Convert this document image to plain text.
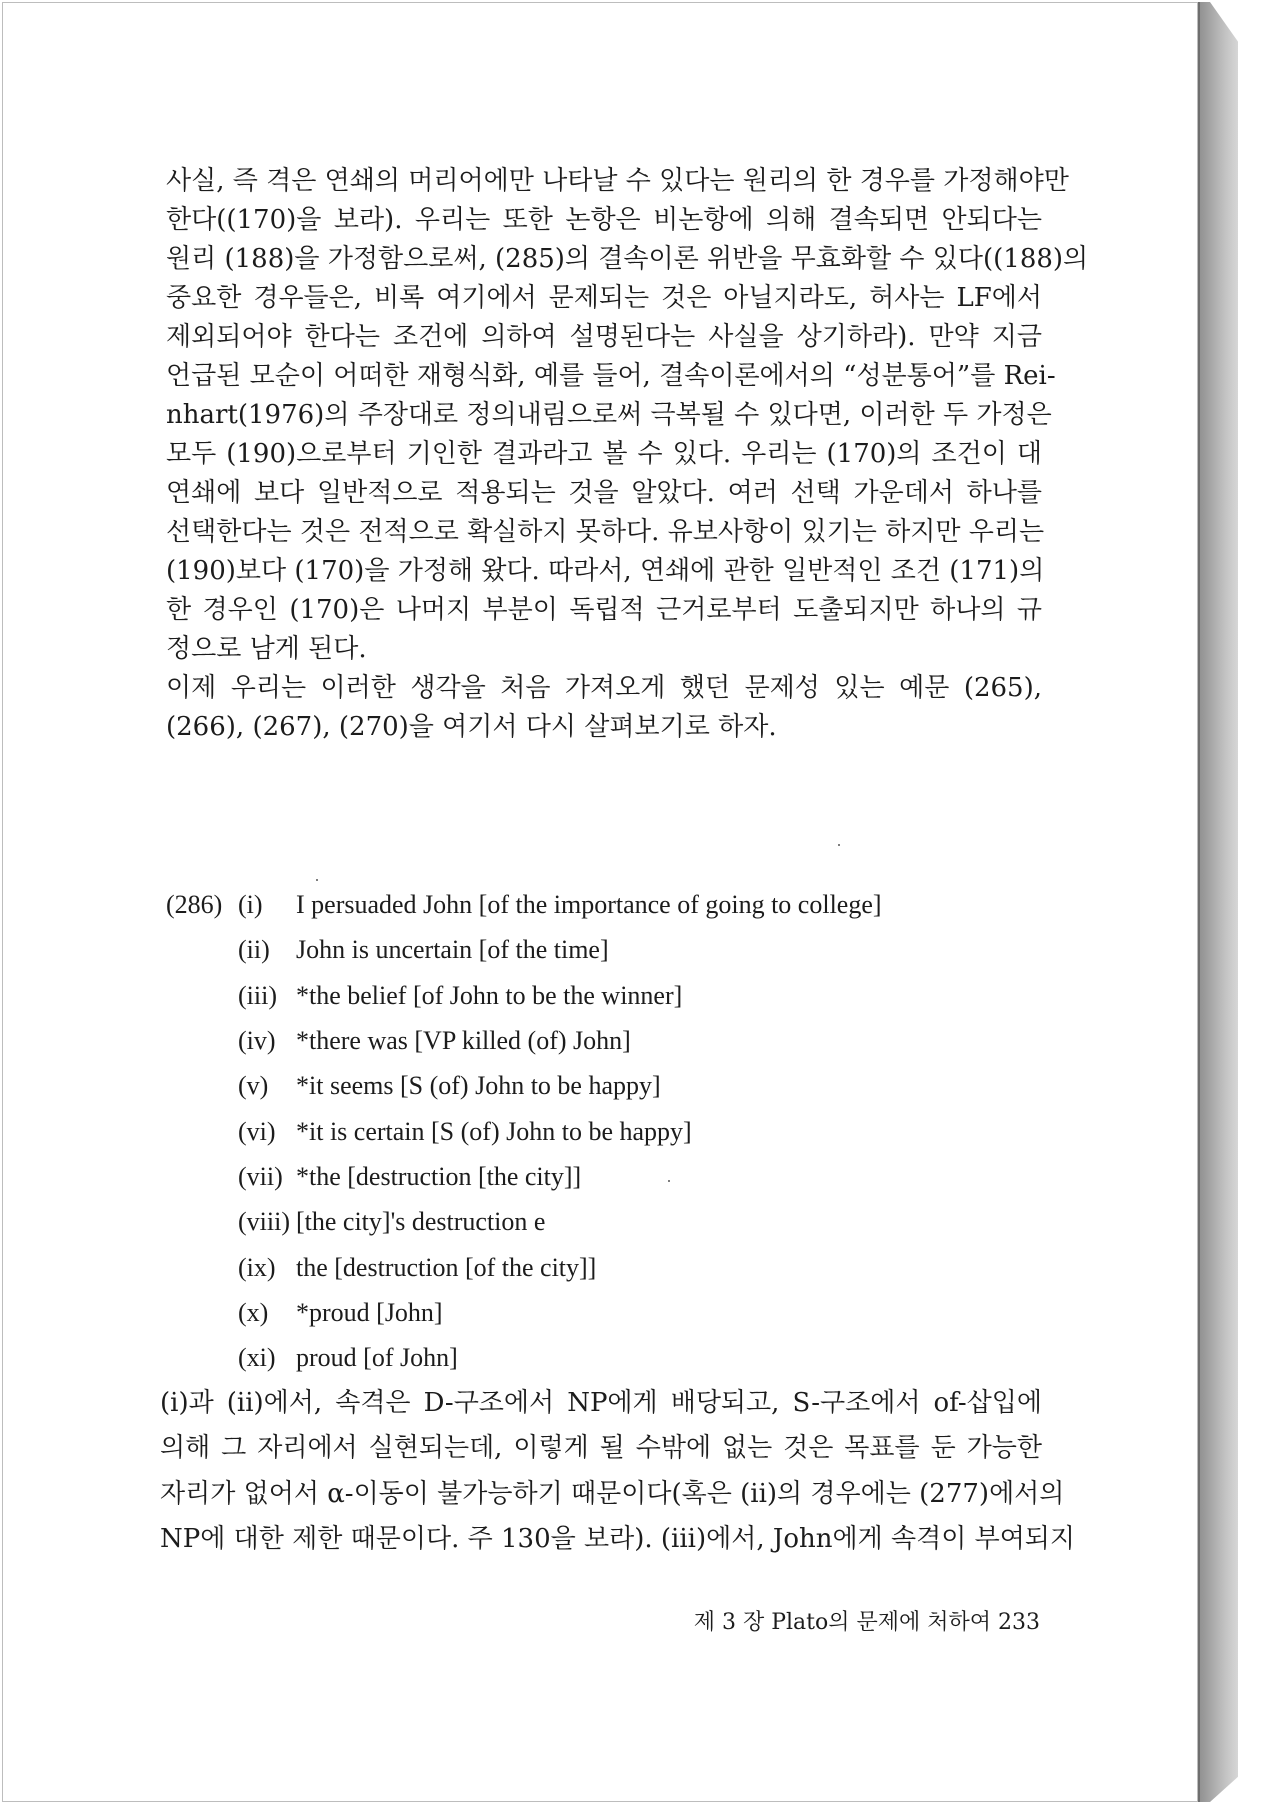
사실, 즉 격은 연쇄의 머리어에만 나타날 수 있다는 원리의 한 경우를 가정해야만
한다((170)을 보라). 우리는 또한 논항은 비논항에 의해 결속되면 안되다는
원리 (188)을 가정함으로써, (285)의 결속이론 위반을 무효화할 수 있다((188)의
중요한 경우들은, 비록 여기에서 문제되는 것은 아닐지라도, 허사는 LF에서
제외되어야 한다는 조건에 의하여 설명된다는 사실을 상기하라). 만약 지금
언급된 모순이 어떠한 재형식화, 예를 들어, 결속이론에서의 “성분통어”를 Rei-
nhart(1976)의 주장대로 정의내림으로써 극복될 수 있다면, 이러한 두 가정은
모두 (190)으로부터 기인한 결과라고 볼 수 있다. 우리는 (170)의 조건이 대
연쇄에 보다 일반적으로 적용되는 것을 알았다. 여러 선택 가운데서 하나를
선택한다는 것은 전적으로 확실하지 못하다. 유보사항이 있기는 하지만 우리는
(190)보다 (170)을 가정해 왔다. 따라서, 연쇄에 관한 일반적인 조건 (171)의
한 경우인 (170)은 나머지 부분이 독립적 근거로부터 도출되지만 하나의 규
정으로 남게 된다.
이제 우리는 이러한 생각을 처음 가져오게 했던 문제성 있는 예문 (265),
(266), (267), (270)을 여기서 다시 살펴보기로 하자.
(286) (i) I persuaded John [of the importance of going to college]
(ii) John is uncertain [of the time]
(iii) *the belief [of John to be the winner]
(iv) *there was [VP killed (of) John]
(v) *it seems [S (of) John to be happy]
(vi) *it is certain [S (of) John to be happy]
(vii) *the [destruction [the city]]
(viii) [the city]'s destruction e
(ix) the [destruction [of the city]]
(x) *proud [John]
(xi) proud [of John]
(i)과 (ii)에서, 속격은 D-구조에서 NP에게 배당되고, S-구조에서 of-삽입에
의해 그 자리에서 실현되는데, 이렇게 될 수밖에 없는 것은 목표를 둔 가능한
자리가 없어서 α-이동이 불가능하기 때문이다(혹은 (ii)의 경우에는 (277)에서의
NP에 대한 제한 때문이다. 주 130을 보라). (iii)에서, John에게 속격이 부여되지
제 3 장 Plato의 문제에 처하여 233
